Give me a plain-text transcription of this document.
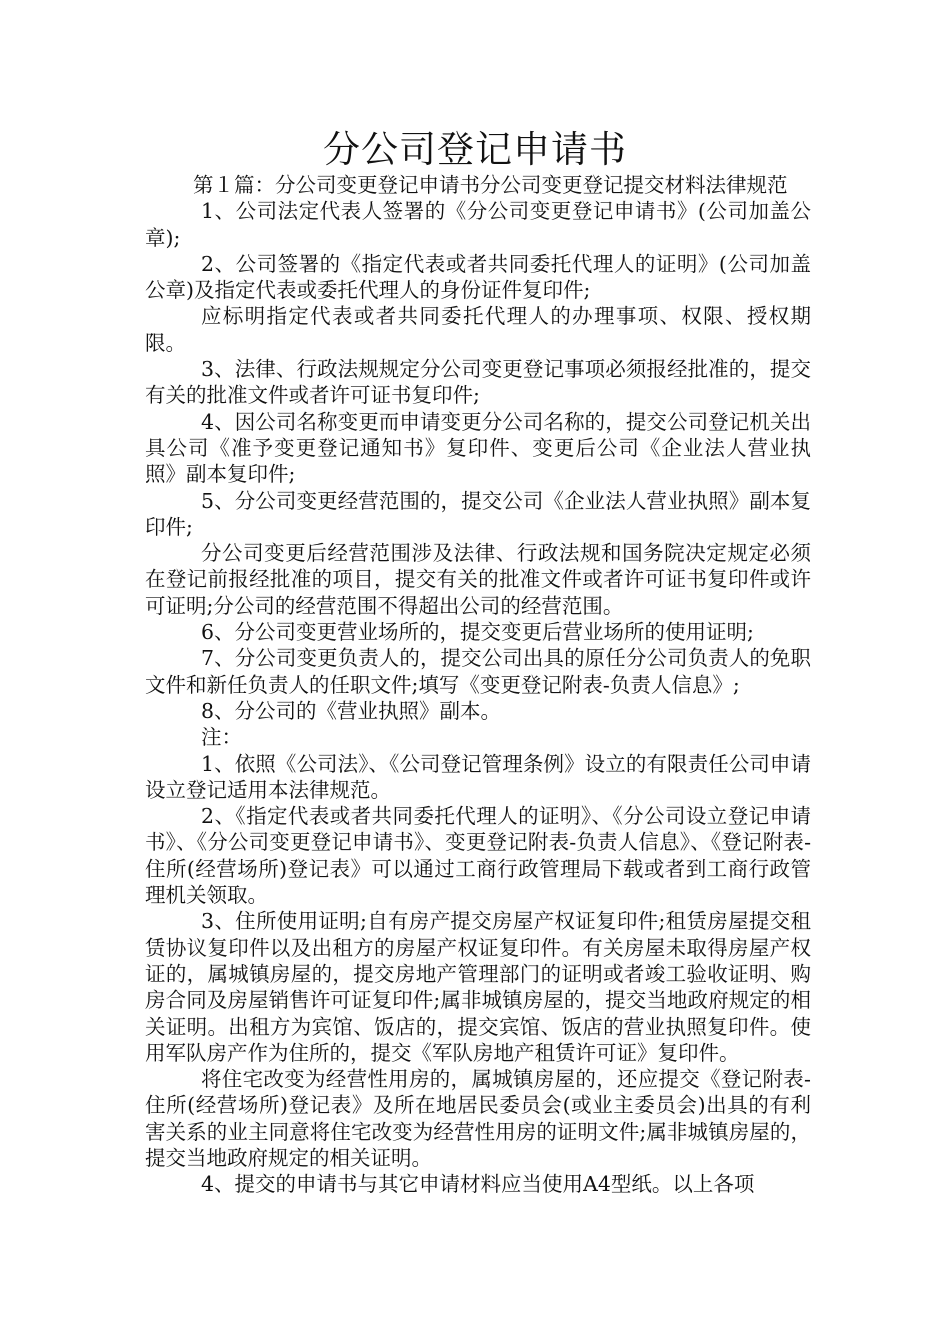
分公司登记申请书

第１篇：分公司变更登记申请书分公司变更登记提交材料法律规范

1、公司法定代表人签署的《分公司变更登记申请书》(公司加盖公章);

2、公司签署的《指定代表或者共同委托代理人的证明》(公司加盖公章)及指定代表或委托代理人的身份证件复印件;

应标明指定代表或者共同委托代理人的办理事项、权限、授权期限。

3、法律、行政法规规定分公司变更登记事项必须报经批准的，提交有关的批准文件或者许可证书复印件;

4、因公司名称变更而申请变更分公司名称的，提交公司登记机关出具公司《准予变更登记通知书》复印件、变更后公司《企业法人营业执照》副本复印件;

5、分公司变更经营范围的，提交公司《企业法人营业执照》副本复印件;

分公司变更后经营范围涉及法律、行政法规和国务院决定规定必须在登记前报经批准的项目，提交有关的批准文件或者许可证书复印件或许可证明;分公司的经营范围不得超出公司的经营范围。

6、分公司变更营业场所的，提交变更后营业场所的使用证明;

7、分公司变更负责人的，提交公司出具的原任分公司负责人的免职文件和新任负责人的任职文件;填写《变更登记附表-负责人信息》;

8、分公司的《营业执照》副本。

注：

1、依照《公司法》、《公司登记管理条例》设立的有限责任公司申请设立登记适用本法律规范。

2、《指定代表或者共同委托代理人的证明》、《分公司设立登记申请书》、《分公司变更登记申请书》、变更登记附表-负责人信息》、《登记附表-住所(经营场所)登记表》可以通过工商行政管理局下载或者到工商行政管理机关领取。

3、住所使用证明;自有房产提交房屋产权证复印件;租赁房屋提交租赁协议复印件以及出租方的房屋产权证复印件。有关房屋未取得房屋产权证的，属城镇房屋的，提交房地产管理部门的证明或者竣工验收证明、购房合同及房屋销售许可证复印件;属非城镇房屋的，提交当地政府规定的相关证明。出租方为宾馆、饭店的，提交宾馆、饭店的营业执照复印件。使用军队房产作为住所的，提交《军队房地产租赁许可证》复印件。

将住宅改变为经营性用房的，属城镇房屋的，还应提交《登记附表-住所(经营场所)登记表》及所在地居民委员会(或业主委员会)出具的有利害关系的业主同意将住宅改变为经营性用房的证明文件;属非城镇房屋的，提交当地政府规定的相关证明。

4、提交的申请书与其它申请材料应当使用A4型纸。以上各项
